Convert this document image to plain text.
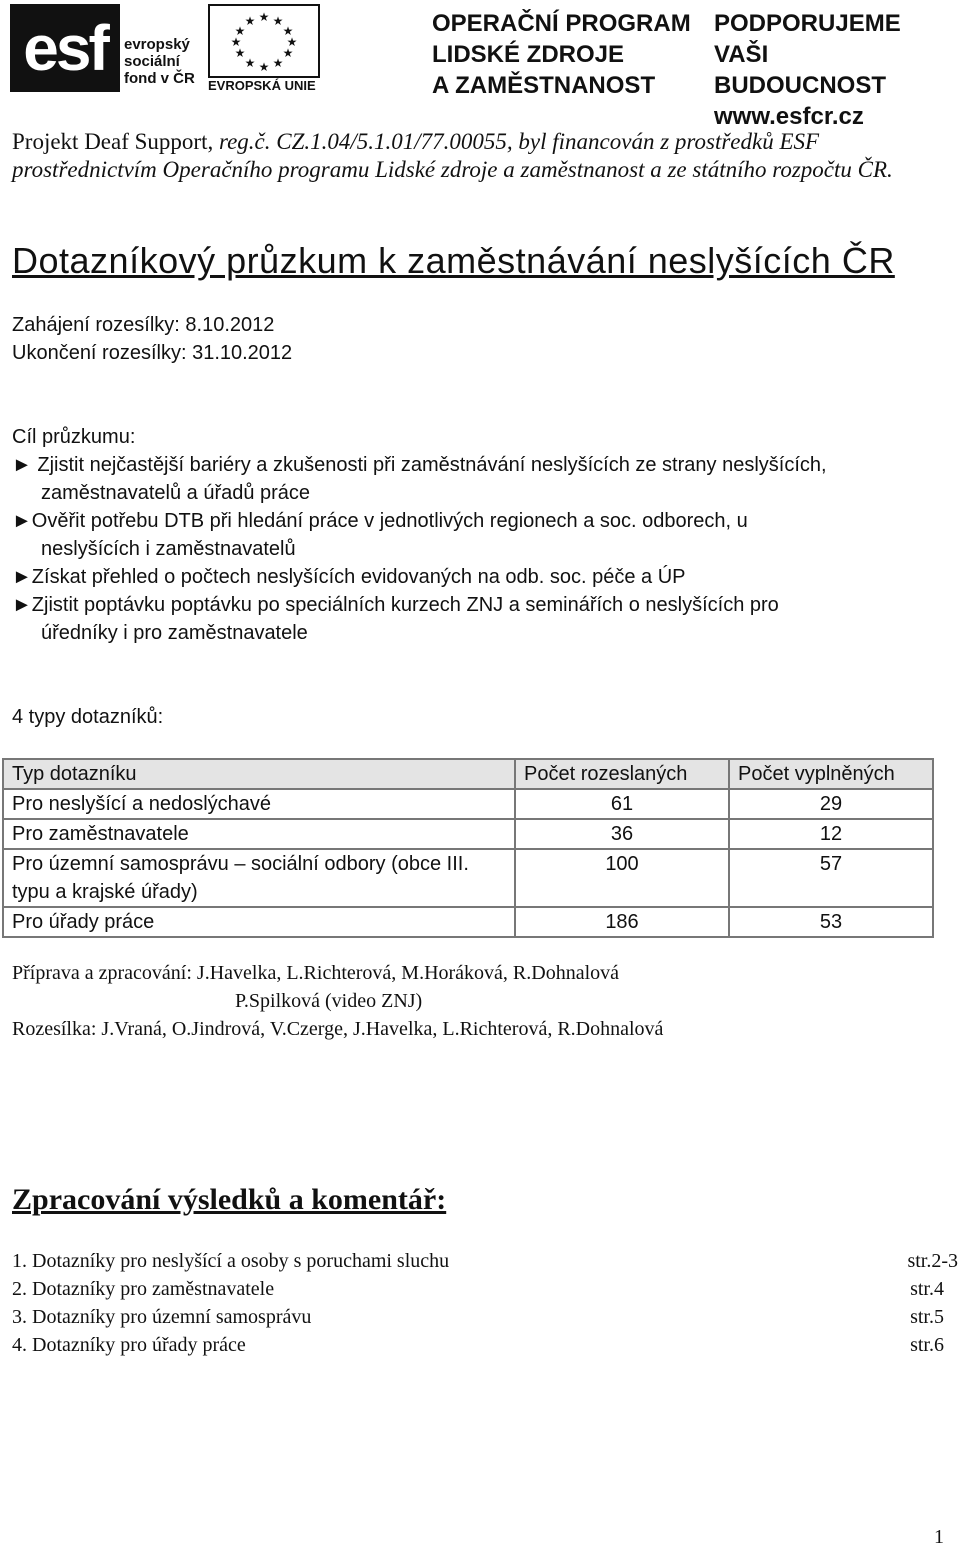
esf	evropský
sociální
fond v ČR
★ ★
★
★
★
★
★
★
★
★
★
★
EVROPSKÁ UNIE
OPERAČNÍ PROGRAM
LIDSKÉ ZDROJE
A ZAMĚSTNANOST
PODPORUJEME
VAŠI BUDOUCNOST
www.esfcr.cz
Projekt Deaf Support, reg.č. CZ.1.04/5.1.01/77.00055, byl financován z prostředků ESF prostřednictvím Operačního programu Lidské zdroje a zaměstnanost a ze státního rozpočtu ČR.
Dotazníkový průzkum k zaměstnávání neslyšících ČR
Zahájení rozesílky: 8.10.2012
Ukončení rozesílky: 31.10.2012
Cíl průzkumu:
► Zjistit nejčastější bariéry a zkušenosti při zaměstnávání neslyšících ze strany neslyšících,
zaměstnavatelů a úřadů práce
►Ověřit potřebu DTB při hledání práce v jednotlivých regionech a soc. odborech, u
neslyšících i zaměstnavatelů
►Získat přehled o počtech neslyšících evidovaných na odb. soc. péče a ÚP
►Zjistit poptávku poptávku po speciálních kurzech ZNJ a seminářích o neslyšících pro
úředníky i pro zaměstnavatele
4 typy dotazníků:
Typ dotazníku	Počet rozeslaných	Počet vyplněných
Pro neslyšící a nedoslýchavé	61	29
Pro zaměstnavatele	36	12
Pro územní samosprávu – sociální odbory (obce III. typu a krajské úřady)	100	57
Pro úřady práce	186	53
Příprava a zpracování: J.Havelka, L.Richterová, M.Horáková, R.Dohnalová
P.Spilková (video ZNJ)
Rozesílka: J.Vraná, O.Jindrová, V.Czerge, J.Havelka, L.Richterová, R.Dohnalová
Zpracování výsledků a komentář:
1. Dotazníky pro neslyšící a osoby s poruchami sluchu	str.2-3
2. Dotazníky pro zaměstnavatele	str.4
3. Dotazníky pro územní samosprávu	str.5
4. Dotazníky pro úřady práce	str.6
1
